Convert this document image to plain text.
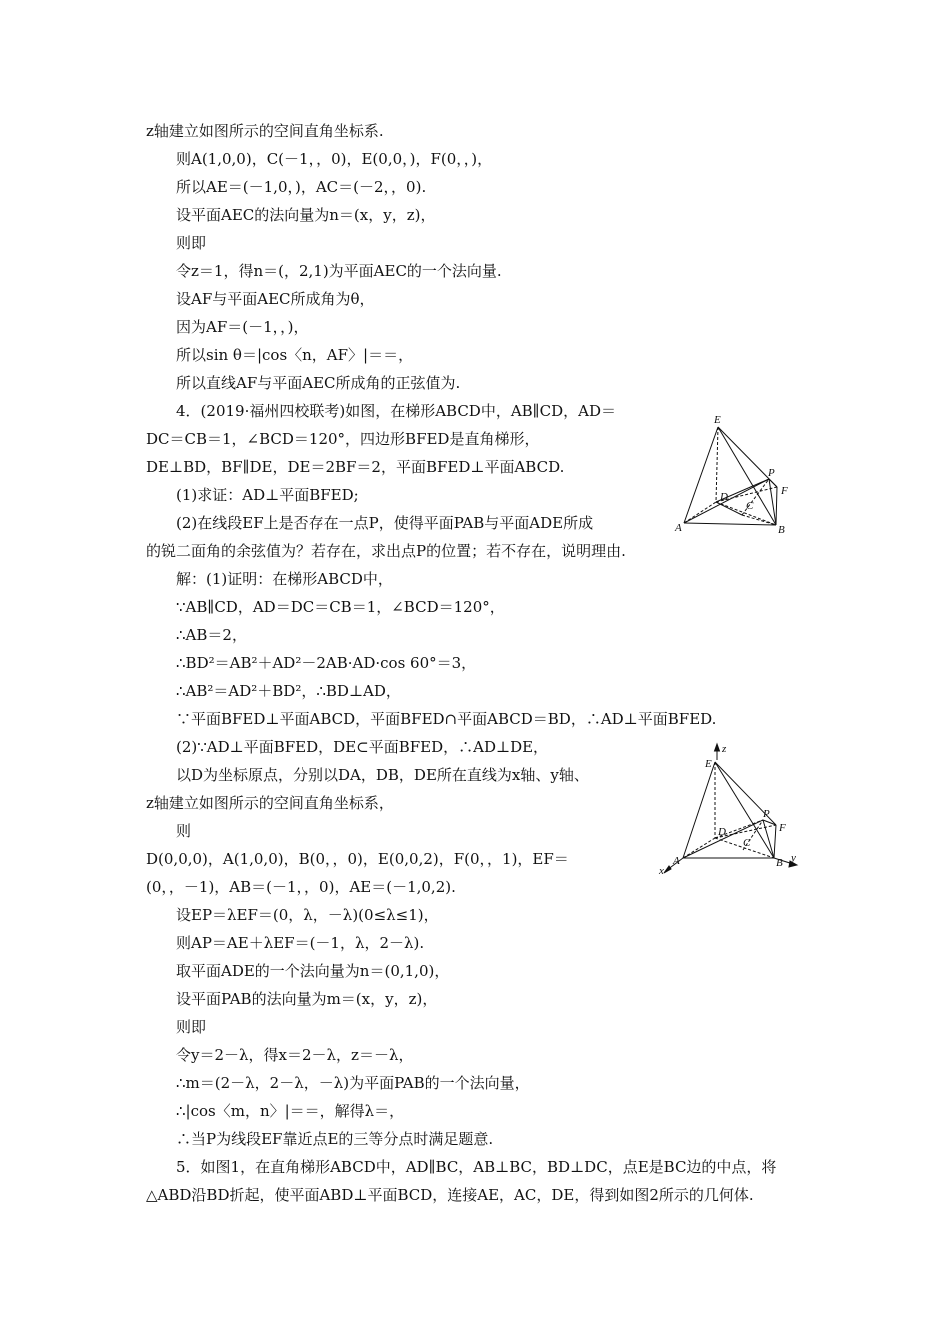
z轴建立如图所示的空间直角坐标系.
则A(1,0,0)，C(－1，，0)，E(0,0，)，F(0，，)，
所以AE＝(－1,0，)，AC＝(－2，，0).
设平面AEC的法向量为n＝(x，y，z)，
则即
令z＝1，得n＝(，2,1)为平面AEC的一个法向量.
设AF与平面AEC所成角为θ，
因为AF＝(－1，，)，
所以sin θ＝|cos〈n，AF〉|＝＝，
所以直线AF与平面AEC所成角的正弦值为.
4．(2019·福州四校联考)如图，在梯形ABCD中，AB∥CD，AD＝
DC＝CB＝1，∠BCD＝120°，四边形BFED是直角梯形，
DE⊥BD，BF∥DE，DE＝2BF＝2，平面BFED⊥平面ABCD.
(1)求证：AD⊥平面BFED;
(2)在线段EF上是否存在一点P，使得平面PAB与平面ADE所成
的锐二面角的余弦值为？若存在，求出点P的位置；若不存在，说明理由.
解：(1)证明：在梯形ABCD中，
∵AB∥CD，AD＝DC＝CB＝1，∠BCD＝120°，
∴AB＝2，
∴BD²＝AB²＋AD²－2AB·AD·cos 60°＝3，
∴AB²＝AD²＋BD²，∴BD⊥AD，
∵平面BFED⊥平面ABCD，平面BFED∩平面ABCD＝BD，∴AD⊥平面BFED.
(2)∵AD⊥平面BFED，DE⊂平面BFED，∴AD⊥DE，
以D为坐标原点，分别以DA，DB，DE所在直线为x轴、y轴、
z轴建立如图所示的空间直角坐标系，
则
D(0,0,0)，A(1,0,0)，B(0，，0)，E(0,0,2)，F(0，，1)，EF＝
(0，，－1)，AB＝(－1，，0)，AE＝(－1,0,2).
设EP＝λEF＝(0，λ，－λ)(0≤λ≤1)，
则AP＝AE＋λEF＝(－1，λ，2－λ).
取平面ADE的一个法向量为n＝(0,1,0)，
设平面PAB的法向量为m＝(x，y，z)，
则即
令y＝2－λ，得x＝2－λ，z＝－λ，
∴m＝(2－λ，2－λ，－λ)为平面PAB的一个法向量，
∴|cos〈m，n〉|＝＝，解得λ＝，
∴当P为线段EF靠近点E的三等分点时满足题意.
5．如图1，在直角梯形ABCD中，AD∥BC，AB⊥BC，BD⊥DC，点E是BC边的中点，将
△ABD沿BD折起，使平面ABD⊥平面BCD，连接AE，AC，DE，得到如图2所示的几何体.
E
P
F
D
C
A	B
z
E
P
F
D
C
A	B
x
y
